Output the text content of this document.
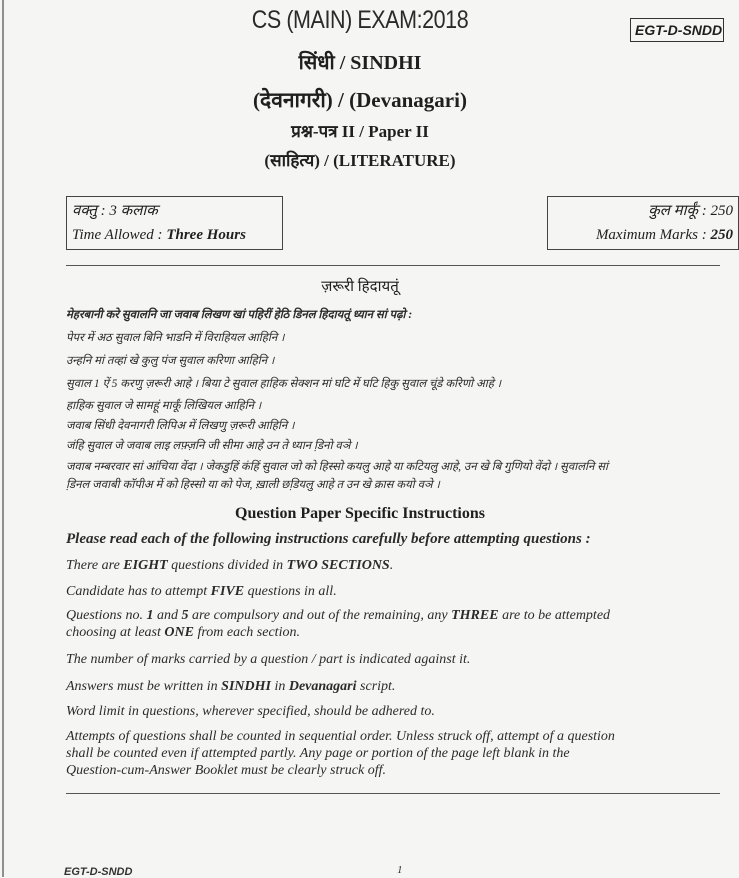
CS (MAIN) EXAM:2018	EGT-D-SNDD
सिंधी / SINDHI
(देवनागरी) / (Devanagari)
प्रश्न-पत्र II / Paper II
(साहित्य) / (LITERATURE)
वक्तु : 3 कलाक
Time Allowed : Three Hours
कुल मार्कूं : 250
Maximum Marks : 250
ज़रूरी हिदायतूं
मेहरबानी करे सुवालनि जा जवाब लिखण खां पहिरीं हेठि डिनल हिदायतूं ध्यान सां पढ़ो :
पेपर में अठ सुवाल बिनि भाडनि में विराहियल आहिनि ।
उन्हनि मां तव्हां खे कुलु पंज सुवाल करिणा आहिनि ।
सुवाल 1 ऐं 5 करणु ज़रूरी आहे । बिया टे सुवाल हाहिक सेक्शन मां घटि में घटि हिकु सुवाल चूंडे करिणो आहे ।
हाहिक सुवाल जे सामहूं मार्कूं लिखियल आहिनि ।
जवाब सिंधी देवनागरी लिपिअ में लिखणु ज़रूरी आहिनि ।
जंहि सुवाल जे जवाब लाइ लफ़्ज़नि जी सीमा आहे उन ते ध्यान डि़नो वञे ।
जवाब नम्बरवार सां आंचिया वेंदा । जेकडुहिं कंहिं सुवाल जो को हिस्सो कयलु आहे या कटियलु आहे, उन खे बि गुणियो वेंदो । सुवालनि सां
डि़नल जवाबी कॉपीअ में को हिस्सो या को पेज, ख़ाली छडि़यलु आहे त उन खे क्रास कयो वञे ।
Question Paper Specific Instructions
Please read each of the following instructions carefully before attempting questions :
There are EIGHT questions divided in TWO SECTIONS.
Candidate has to attempt FIVE questions in all.
Questions no. 1 and 5 are compulsory and out of the remaining, any THREE are to be attempted
choosing at least ONE from each section.
The number of marks carried by a question / part is indicated against it.
Answers must be written in SINDHI in Devanagari script.
Word limit in questions, wherever specified, should be adhered to.
Attempts of questions shall be counted in sequential order. Unless struck off, attempt of a question
shall be counted even if attempted partly. Any page or portion of the page left blank in the
Question-cum-Answer Booklet must be clearly struck off.
EGT-D-SNDD	1
